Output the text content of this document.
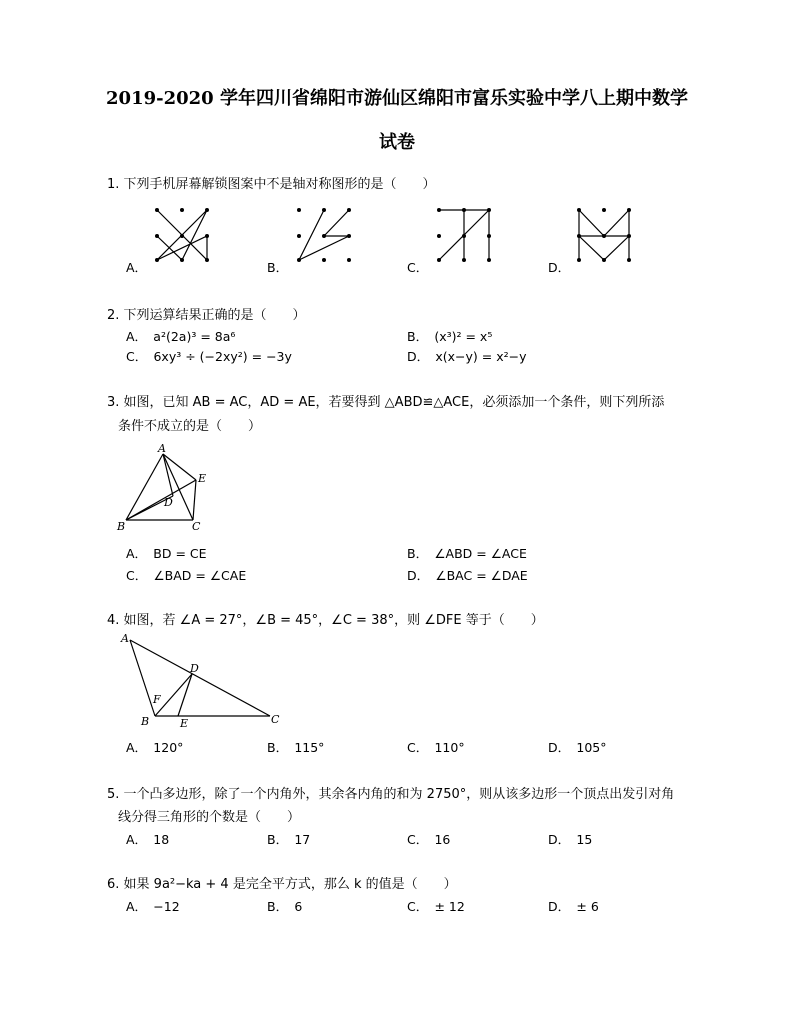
2019-2020 学年四川省绵阳市游仙区绵阳市富乐实验中学八上期中数学
试卷
1. 下列手机屏幕解锁图案中不是轴对称图形的是（　　）
A．	B．	C．	D．
2. 下列运算结果正确的是（　　）
A．　a²(2a)³ = 8a⁶	B．　(x³)² = x⁵
C．　6xy³ ÷ (−2xy²) = −3y	D．　x(x−y) = x²−y
3. 如图，已知 AB = AC，AD = AE，若要得到 △ABD≌△ACE，必须添加一个条件，则下列所添
条件不成立的是（　　）
A
E
D
B	C
A．　BD = CE	B．　∠ABD = ∠ACE
C．　∠BAD = ∠CAE	D．　∠BAC = ∠DAE
4. 如图，若 ∠A = 27°，∠B = 45°，∠C = 38°，则 ∠DFE 等于（　　）
A
D
F
B	E	C
A．　120°	B．　115°	C．　110°	D．　105°
5. 一个凸多边形，除了一个内角外，其余各内角的和为 2750°，则从该多边形一个顶点出发引对角
线分得三角形的个数是（　　）
A．　18	B．　17	C．　16	D．　15
6. 如果 9a²−ka + 4 是完全平方式，那么 k 的值是（　　）
A．　−12	B．　6	C．　± 12	D．　± 6
